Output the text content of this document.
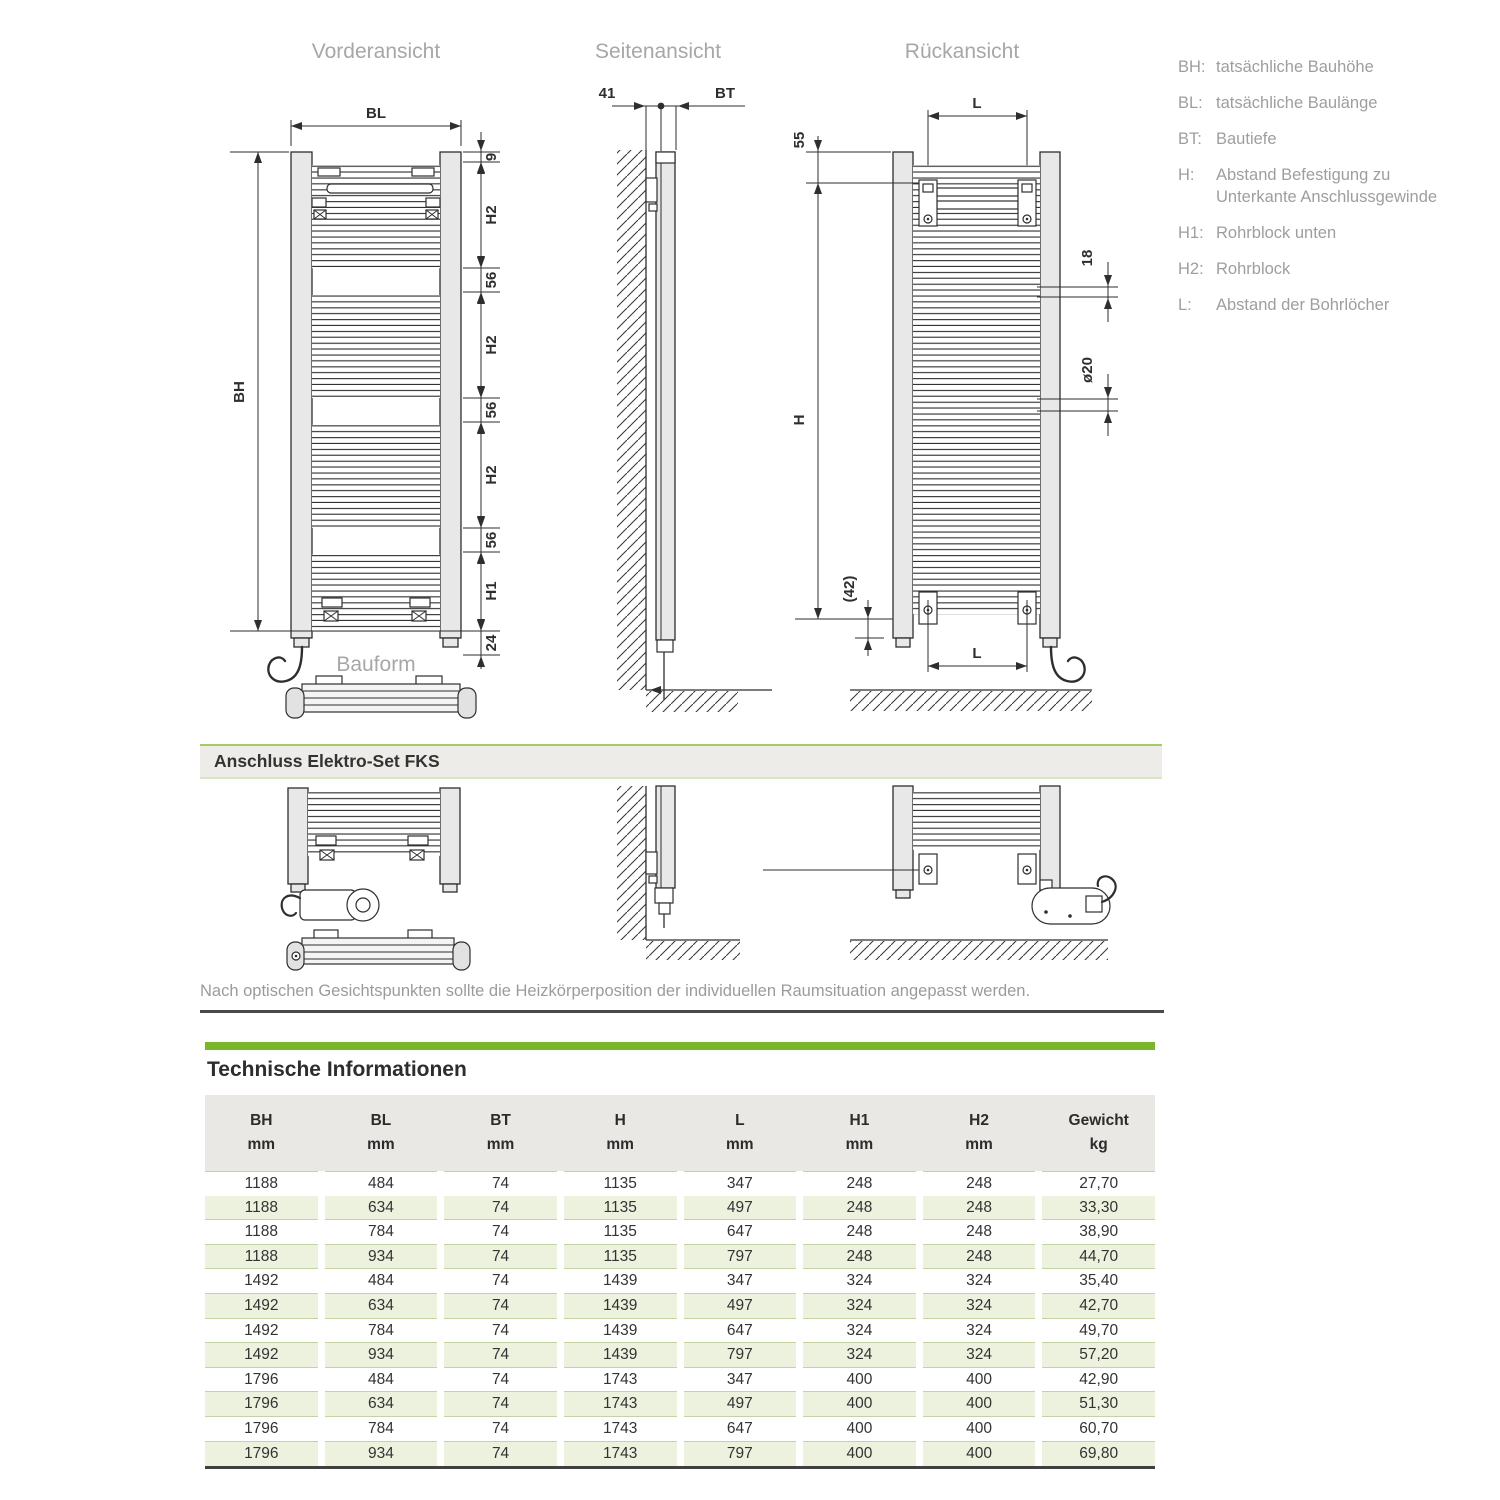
Vorderansicht
BL
BH
9
H2
56
H2
56
H2
56
H1
24
Bauform
Seitenansicht
41	BT
Rückansicht
L
55
H
(42)
18
ø20
L
BH: tatsächliche Bauhöhe
BL: tatsächliche Baulänge
BT: Bautiefe
H:	Abstand Befestigung zu Unterkante Anschlussgewinde
H1: Rohrblock unten
H2: Rohrblock
L:	Abstand der Bohrlöcher
Anschluss Elektro-Set FKS
Nach optischen Gesichtspunkten sollte die Heizkörperposition der individuellen Raumsituation angepasst werden.
Technische Informationen
BH
mm
BL
mm
BT
mm
H
mm
L
mm
H1
mm
H2
mm
Gewicht
kg
1188	484	74	1135	347	248	248	27,70
1188	634	74	1135	497	248	248	33,30
1188	784	74	1135	647	248	248	38,90
1188	934	74	1135	797	248	248	44,70
1492	484	74	1439	347	324	324	35,40
1492	634	74	1439	497	324	324	42,70
1492	784	74	1439	647	324	324	49,70
1492	934	74	1439	797	324	324	57,20
1796	484	74	1743	347	400	400	42,90
1796	634	74	1743	497	400	400	51,30
1796	784	74	1743	647	400	400	60,70
1796	934	74	1743	797	400	400	69,80
